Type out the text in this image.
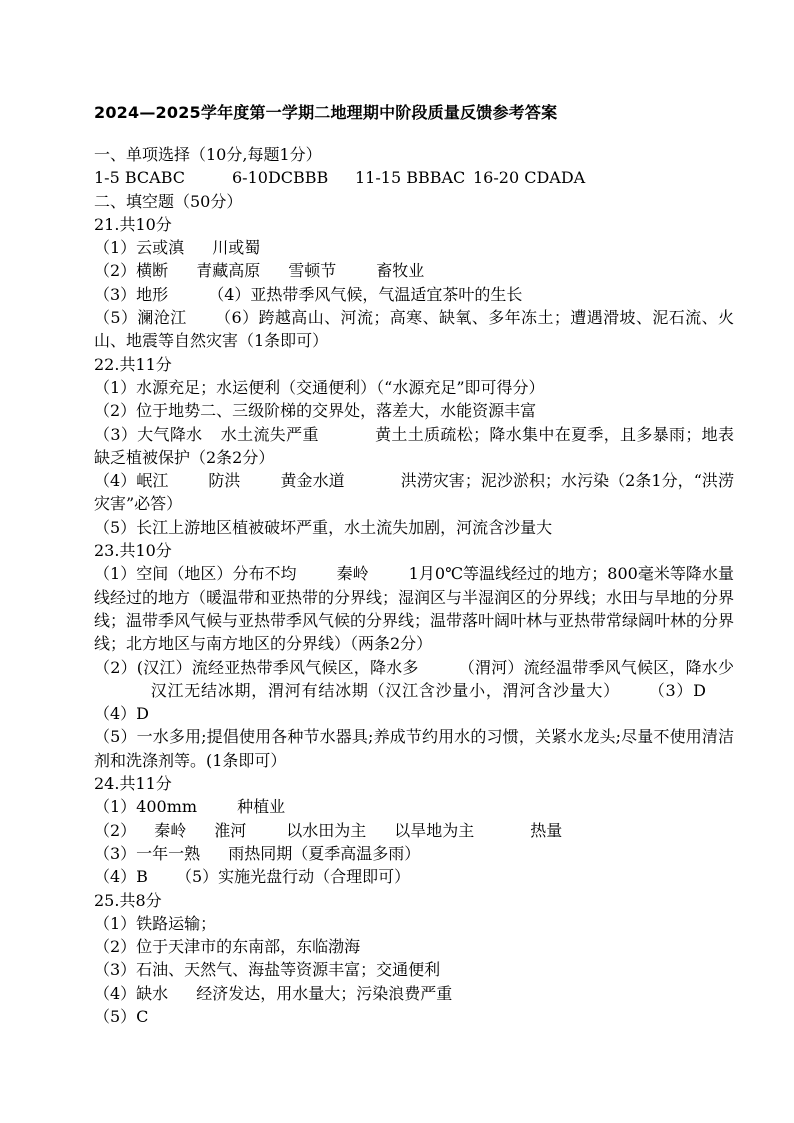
2024—2025学年度第一学期二地理期中阶段质量反馈参考答案

一、单项选择（10分,每题1分）

1-5 BCABC	6-10DCBBB 11-15 BBBAC 16-20 CDADA

二、填空题（50分）

21.共10分

（1）云或滇 川或蜀

（2）横断 青藏高原 雪顿节	畜牧业

（3）地形	（4）亚热带季风气候，气温适宜茶叶的生长

（5）澜沧江 （6）跨越高山、河流；高寒、缺氧、多年冻土；遭遇滑坡、泥石流、火山、地震等自然灾害（1条即可）

22.共11分

（1）水源充足；水运便利（交通便利）（“水源充足”即可得分）

（2）位于地势二、三级阶梯的交界处，落差大，水能资源丰富

（3）大气降水 水土流失严重	黄土土质疏松；降水集中在夏季，且多暴雨；地表缺乏植被保护（2条2分）

（4）岷江	防洪	黄金水道	洪涝灾害；泥沙淤积；水污染（2条1分，“洪涝灾害”必答）

（5）长江上游地区植被破坏严重，水土流失加剧，河流含沙量大

23.共10分

（1）空间（地区）分布不均	秦岭	1月0℃等温线经过的地方；800毫米等降水量线经过的地方（暖温带和亚热带的分界线；湿润区与半湿润区的分界线；水田与旱地的分界线；温带季风气候与亚热带季风气候的分界线；温带落叶阔叶林与亚热带常绿阔叶林的分界线；北方地区与南方地区的分界线）（两条2分）

（2）(汉江）流经亚热带季风气候区，降水多	（渭河）流经温带季风气候区，降水少汉江无结冰期，渭河有结冰期（汉江含沙量小，渭河含沙量大） （3）D（4）D

（5）一水多用;提倡使用各种节水器具;养成节约用水的习惯，关紧水龙头;尽量不使用清洁剂和洗涤剂等。(1条即可）

24.共11分

（1）400mm	种植业

（2） 秦岭 淮河	以水田为主 以旱地为主	热量

（3）一年一熟 雨热同期（夏季高温多雨）

（4）B （5）实施光盘行动（合理即可）

25.共8分

（1）铁路运输；

（2）位于天津市的东南部，东临渤海

（3）石油、天然气、海盐等资源丰富；交通便利

（4）缺水 经济发达，用水量大；污染浪费严重

（5）C
